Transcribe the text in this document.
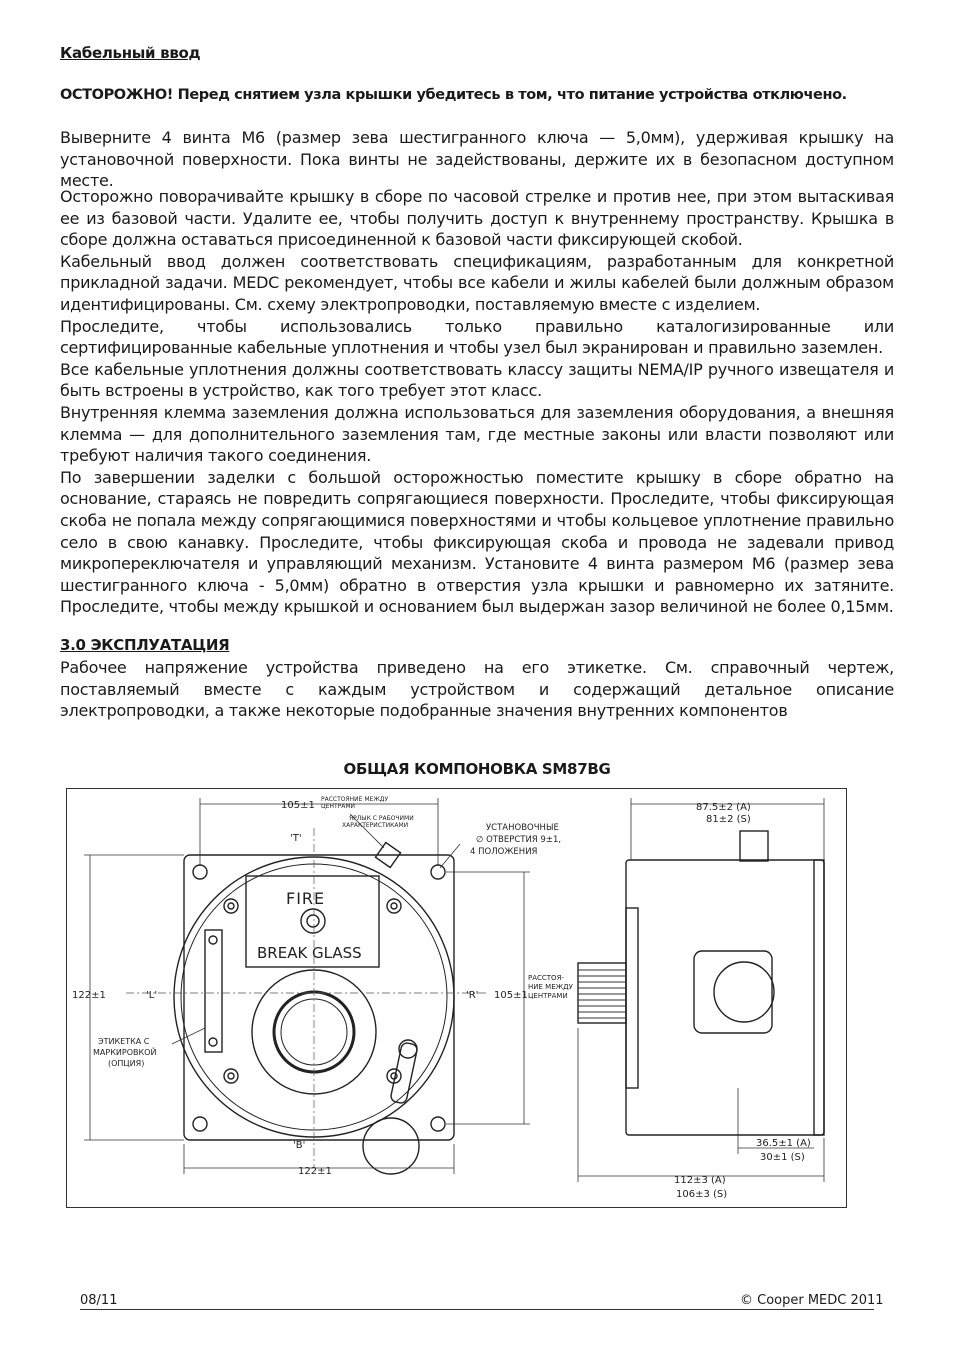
Кабельный ввод
ОСТОРОЖНО! Перед снятием узла крышки убедитесь в том, что питание устройства отключено.

Выверните 4 винта М6 (размер зева шестигранного ключа — 5,0мм), удерживая крышку на установочной поверхности. Пока винты не задействованы, держите их в безопасном доступном месте.

Осторожно поворачивайте крышку в сборе по часовой стрелке и против нее, при этом вытаскивая ее из базовой части. Удалите ее, чтобы получить доступ к внутреннему пространству. Крышка в сборе должна оставаться присоединенной к базовой части фиксирующей скобой.
Кабельный ввод должен соответствовать спецификациям, разработанным для конкретной прикладной задачи. MEDC рекомендует, чтобы все кабели и жилы кабелей были должным образом идентифицированы. См. схему электропроводки, поставляемую вместе с изделием.
Проследите, чтобы использовались только правильно каталогизированные или сертифицированные кабельные уплотнения и чтобы узел был экранирован и правильно заземлен.
Все кабельные уплотнения должны соответствовать классу защиты NEMA/IP ручного извещателя и быть встроены в устройство, как того требует этот класс.
Внутренняя клемма заземления должна использоваться для заземления оборудования, а внешняя клемма — для дополнительного заземления там, где местные законы или власти позволяют или требуют наличия такого соединения.
По завершении заделки с большой осторожностью поместите крышку в сборе обратно на основание, стараясь не повредить сопрягающиеся поверхности. Проследите, чтобы фиксирующая скоба не попала между сопрягающимися поверхностями и чтобы кольцевое уплотнение правильно село в свою канавку. Проследите, чтобы фиксирующая скоба и провода не задевали привод микропереключателя и управляющий механизм. Установите 4 винта размером М6 (размер зева шестигранного ключа - 5,0мм) обратно в отверстия узла крышки и равномерно их затяните. Проследите, чтобы между крышкой и основанием был выдержан зазор величиной не более 0,15мм.

3.0 ЭКСПЛУАТАЦИЯ

Рабочее напряжение устройства приведено на его этикетке. См. справочный чертеж, поставляемый вместе с каждым устройством и содержащий детальное описание электропроводки, а также некоторые подобранные значения внутренних компонентов

ОБЩАЯ КОМПОНОВКА SM87BG
FIRE
BREAK GLASS
105±1
РАССТОЯНИЕ МЕЖДУ
ЦЕНТРАМИ
ЯРЛЫК С РАБОЧИМИ
ХАРАКТЕРИСТИКАМИ	УСТАНОВОЧНЫЕ
∅ ОТВЕРСТИЯ 9±1,
4 ПОЛОЖЕНИЯ
'T'
'L'	'R'
'B'
122±1	105±1
РАССТОЯ-
НИЕ МЕЖДУ
ЦЕНТРАМИ
ЭТИКЕТКА С
МАРКИРОВКОЙ
(ОПЦИЯ)
122±1
87.5±2 (A)
81±2 (S)
36.5±1 (A)
30±1 (S)
112±3 (A)
106±3 (S)
08/11	© Cooper MEDC 2011
